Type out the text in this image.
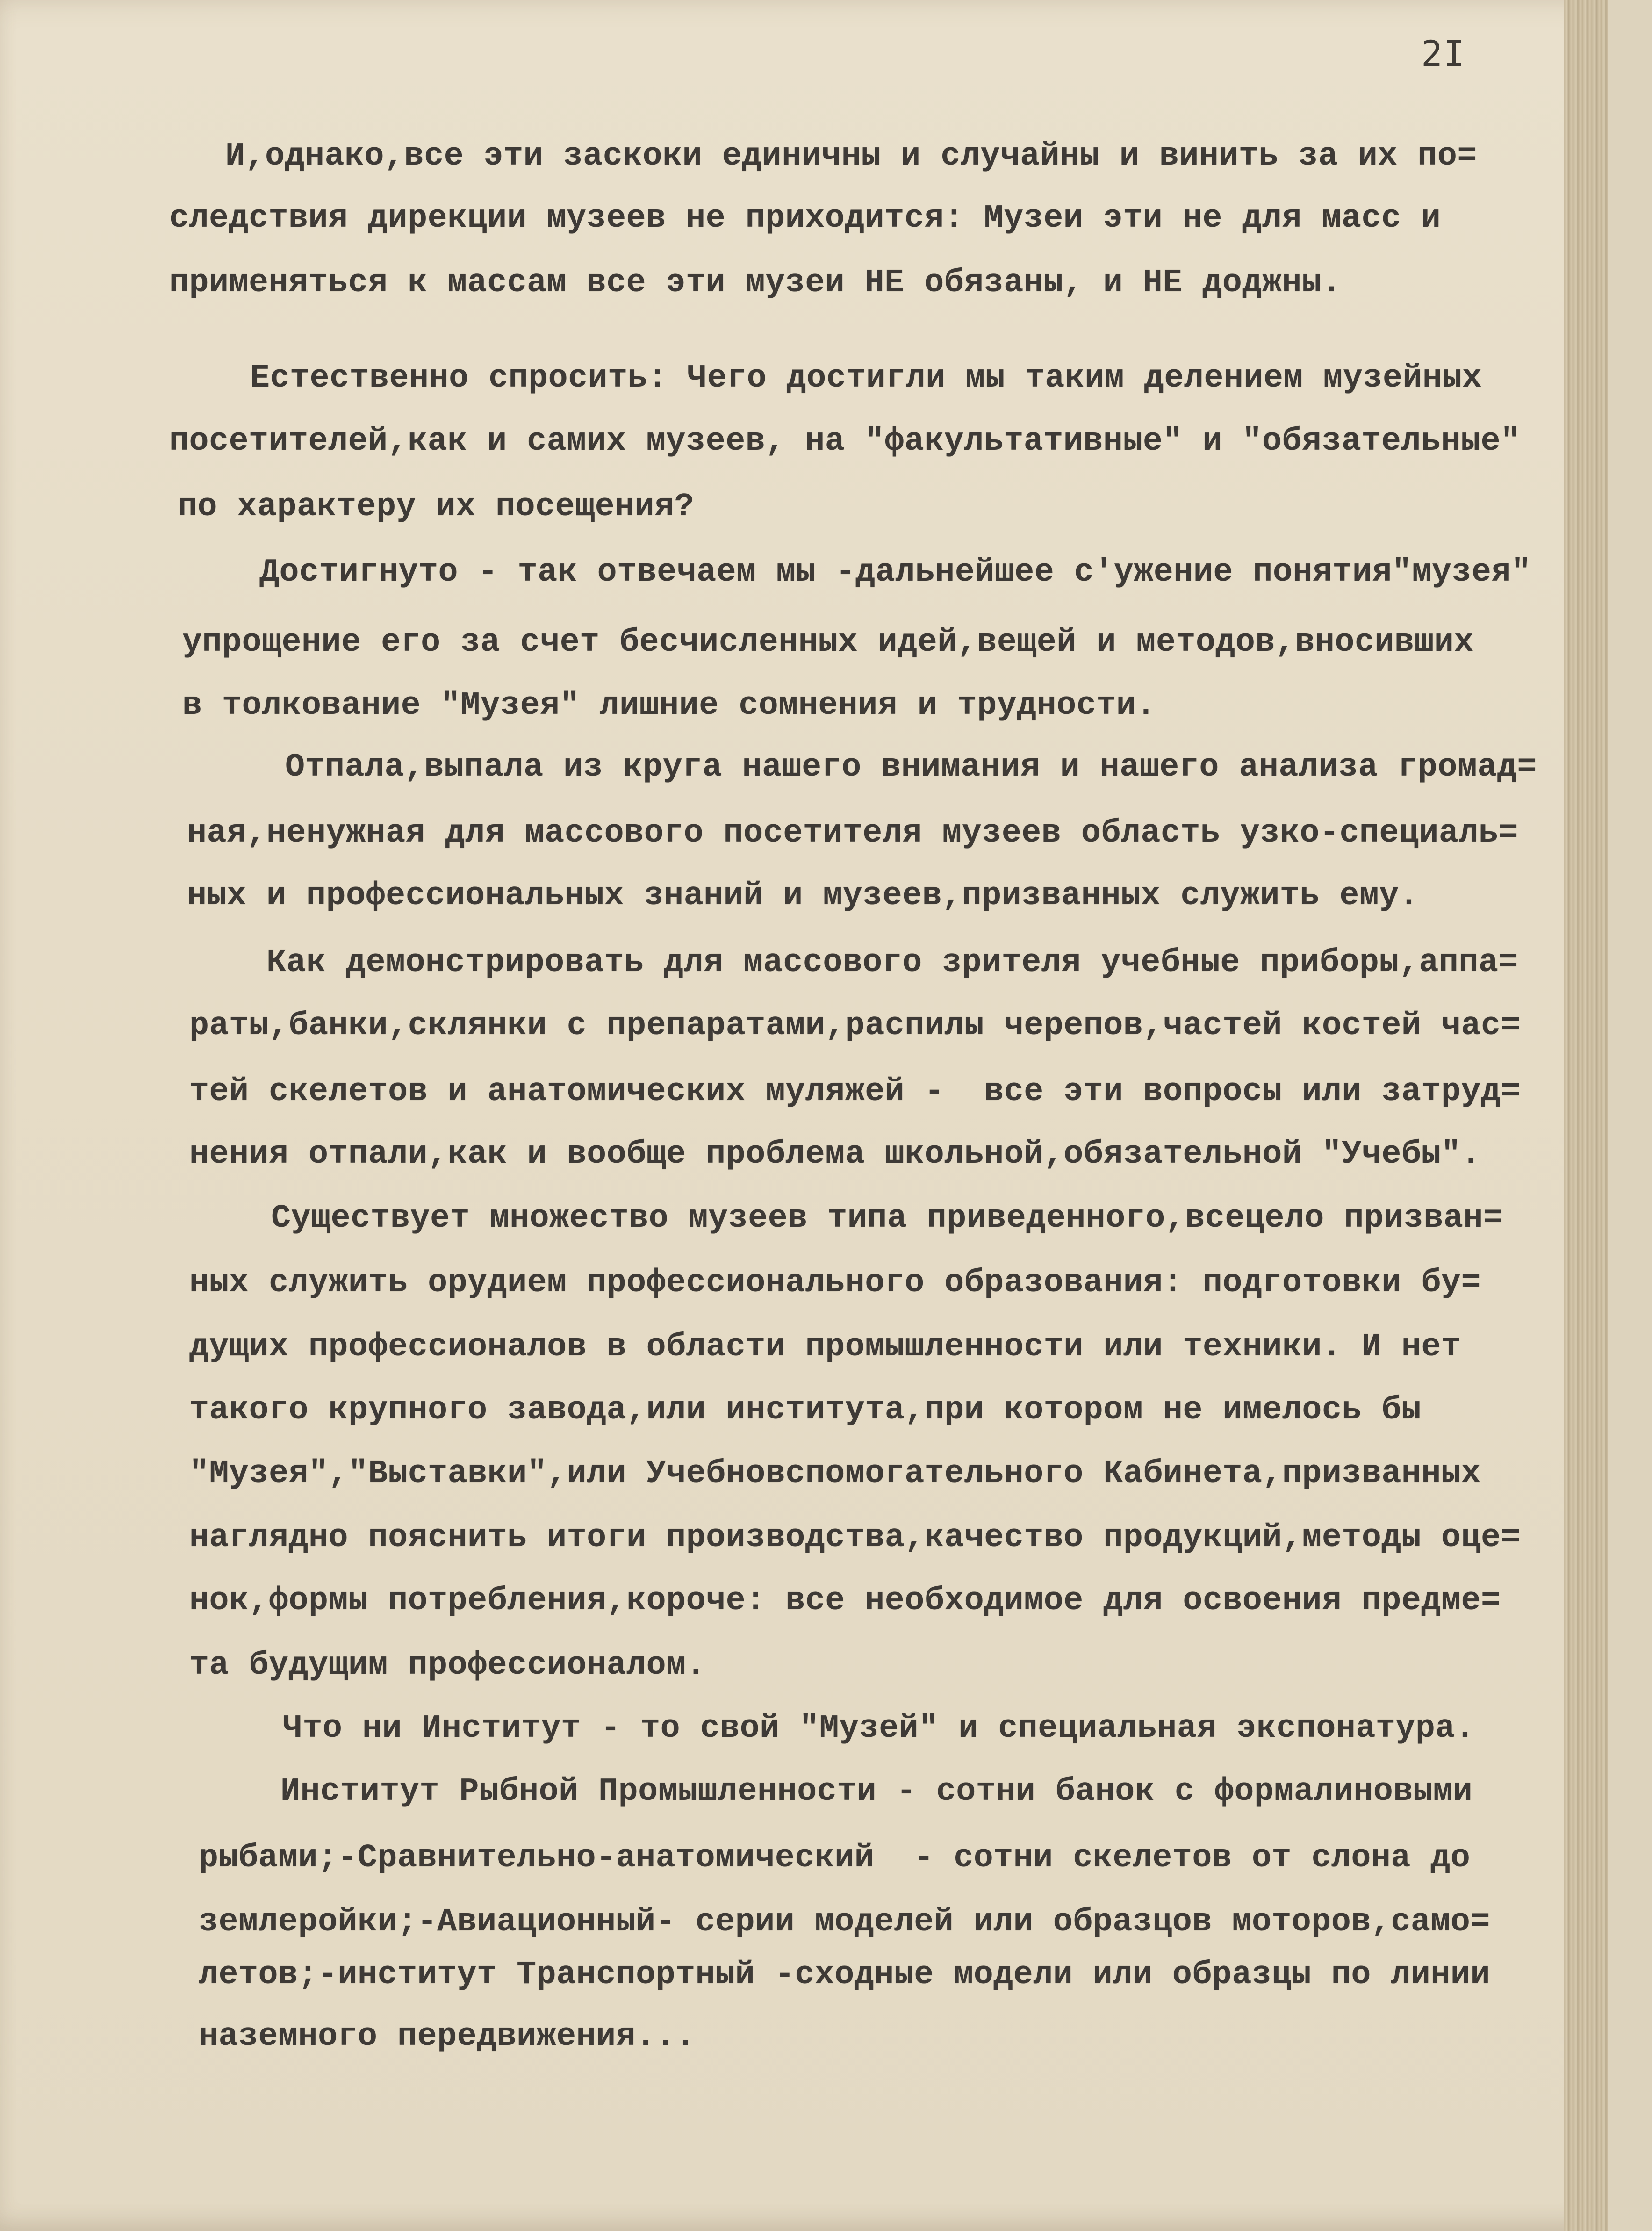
2I
И,однако,все эти заскоки единичны и случайны и винить за их по=
следствия дирекции музеев не приходится: Музеи эти не для масс и
применяться к массам все эти музеи НЕ обязаны, и НЕ доджны.
Естественно спросить: Чего достигли мы таким делением музейных
посетителей,как и самих музеев, на "факультативные" и "обязательные"
по характеру их посещения?
Достигнуто - так отвечаем мы -дальнейшее с'ужение понятия"музея"
упрощение его за счет бесчисленных идей,вещей и методов,вносивших
в толкование "Музея" лишние сомнения и трудности.
Отпала,выпала из круга нашего внимания и нашего анализа громад=
ная,ненужная для массового посетителя музеев область узко-специаль=
ных и профессиональных знаний и музеев,призванных служить ему.
Как демонстрировать для массового зрителя учебные приборы,аппа=
раты,банки,склянки с препаратами,распилы черепов,частей костей час=
тей скелетов и анатомических муляжей -  все эти вопросы или затруд=
нения отпали,как и вообще проблема школьной,обязательной "Учебы".
Существует множество музеев типа приведенного,всецело призван=
ных служить орудием профессионального образования: подготовки бу=
дущих профессионалов в области промышленности или техники. И нет
такого крупного завода,или института,при котором не имелось бы
"Музея","Выставки",или Учебновспомогательного Кабинета,призванных
наглядно пояснить итоги производства,качество продукций,методы оце=
нок,формы потребления,короче: все необходимое для освоения предме=
та будущим профессионалом.
Что ни Институт - то свой "Музей" и специальная экспонатура.
Институт Рыбной Промышленности - сотни банок с формалиновыми
рыбами;-Сравнительно-анатомический  - сотни скелетов от слона до
землеройки;-Авиационный- серии моделей или образцов моторов,само=
летов;-институт Транспортный -сходные модели или образцы по линии
наземного передвижения...
